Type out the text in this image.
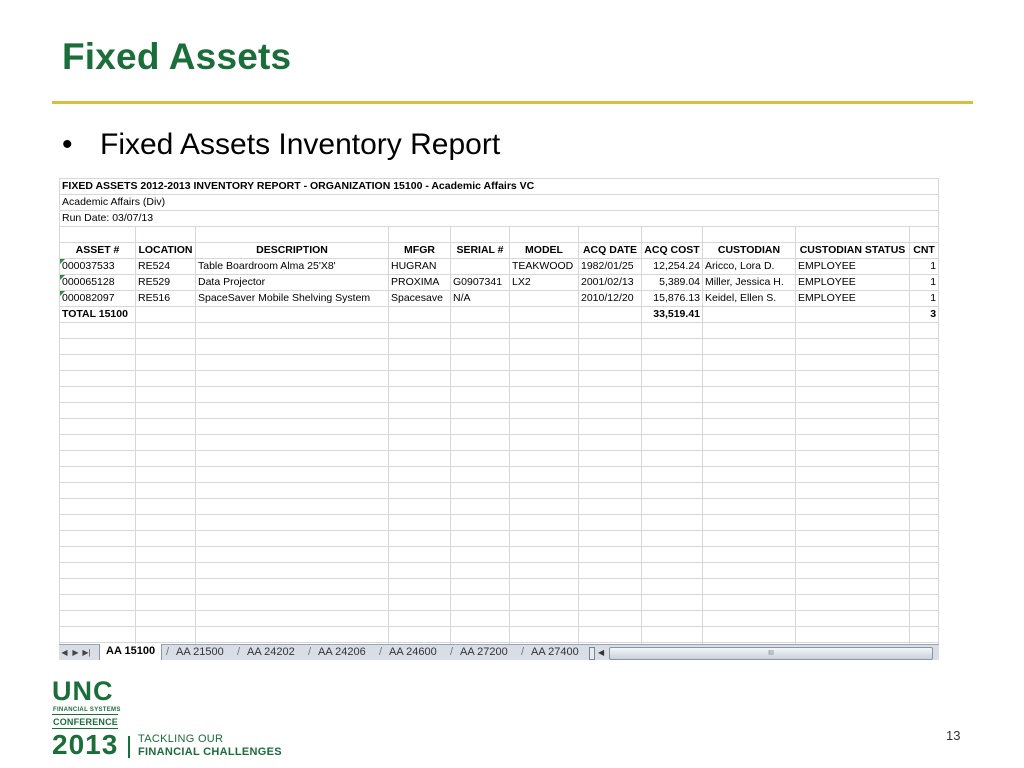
Fixed Assets
• Fixed Assets Inventory Report
FIXED ASSETS 2012-2013 INVENTORY REPORT - ORGANIZATION 15100 - Academic Affairs VC										
Academic Affairs (Div)										
Run Date: 03/07/13										

ASSET #	LOCATION	DESCRIPTION	MFGR	SERIAL #	MODEL	ACQ DATE	ACQ COST	CUSTODIAN	CUSTODIAN STATUS	CNT
000037533	RE524	Table Boardroom Alma 25'X8'	HUGRAN		TEAKWOOD	1982/01/25	12,254.24	Aricco, Lora D.	EMPLOYEE	1
000065128	RE529	Data Projector	PROXIMA	G0907341	LX2	2001/02/13	5,389.04	Miller, Jessica H.	EMPLOYEE	1
000082097	RE516	SpaceSaver Mobile Shelving System	Spacesave	N/A		2010/12/20	15,876.13	Keidel, Ellen S.	EMPLOYEE	1
TOTAL 15100							33,519.41			3

◀ ▶ ▶|	AA 15100 / AA 21500	/ AA 24202	/ AA 24206	/ AA 24600	/ AA 27200	/ AA 27400	◀	III
UNC
FINANCIAL SYSTEMS
CONFERENCE
2013 TACKLING OUR
FINANCIAL CHALLENGES
13
